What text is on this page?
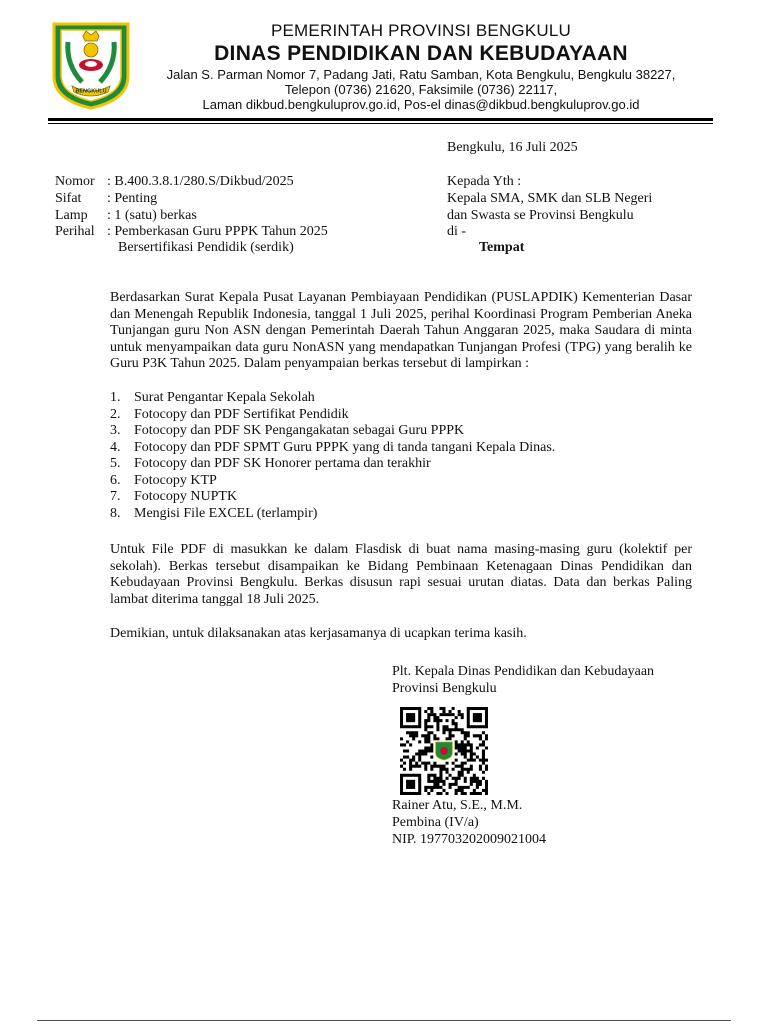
BENGKULU
PEMERINTAH PROVINSI BENGKULU
DINAS PENDIDIKAN DAN KEBUDAYAAN
Jalan S. Parman Nomor 7, Padang Jati, Ratu Samban, Kota Bengkulu, Bengkulu 38227,
Telepon (0736) 21620, Faksimile (0736) 22117,
Laman dikbud.bengkuluprov.go.id, Pos-el dinas@dikbud.bengkuluprov.go.id
Bengkulu, 16 Juli 2025
Nomor : B.400.3.8.1/280.S/Dikbud/2025
Sifat : Penting
Lamp : 1 (satu) berkas
Perihal : Pemberkasan Guru PPPK Tahun 2025
Bersertifikasi Pendidik (serdik)
Kepada Yth :
Kepala SMA, SMK dan SLB Negeri
dan Swasta se Provinsi Bengkulu
di -
Tempat
Berdasarkan Surat Kepala Pusat Layanan Pembiayaan Pendidikan (PUSLAPDIK) Kementerian Dasar dan Menengah Republik Indonesia, tanggal 1 Juli 2025, perihal Koordinasi Program Pemberian Aneka Tunjangan guru Non ASN dengan Pemerintah Daerah Tahun Anggaran 2025, maka Saudara di minta untuk menyampaikan data guru NonASN yang mendapatkan Tunjangan Profesi (TPG) yang beralih ke Guru P3K Tahun 2025. Dalam penyampaian berkas tersebut di lampirkan :
1. Surat Pengantar Kepala Sekolah
2. Fotocopy dan PDF Sertifikat Pendidik
3. Fotocopy dan PDF SK Pengangakatan sebagai Guru PPPK
4. Fotocopy dan PDF SPMT Guru PPPK yang di tanda tangani Kepala Dinas.
5. Fotocopy dan PDF SK Honorer pertama dan terakhir
6. Fotocopy KTP
7. Fotocopy NUPTK
8. Mengisi File EXCEL (terlampir)
Untuk File PDF di masukkan ke dalam Flasdisk di buat nama masing-masing guru (kolektif per sekolah). Berkas tersebut disampaikan ke Bidang Pembinaan Ketenagaan Dinas Pendidikan dan Kebudayaan Provinsi Bengkulu. Berkas disusun rapi sesuai urutan diatas. Data dan berkas Paling lambat diterima tanggal 18 Juli 2025.
Demikian, untuk dilaksanakan atas kerjasamanya di ucapkan terima kasih.
Plt. Kepala Dinas Pendidikan dan Kebudayaan
Provinsi Bengkulu
Rainer Atu, S.E., M.M.
Pembina (IV/a)
NIP. 197703202009021004
